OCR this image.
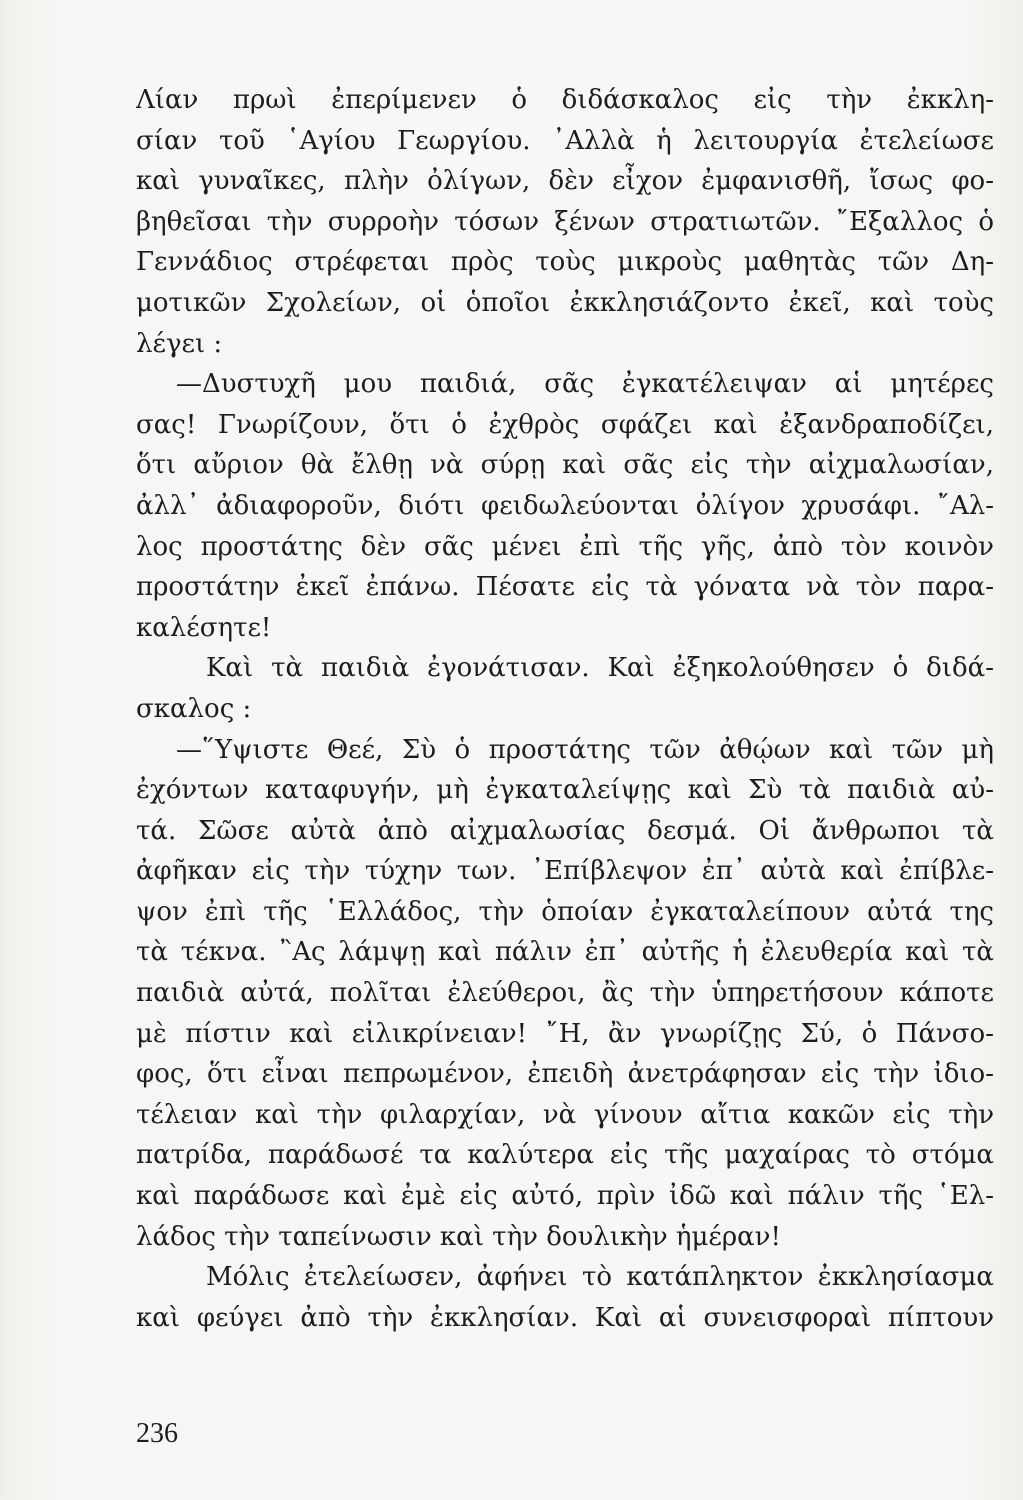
Λίαν πρωὶ ἐπερίμενεν ὁ διδάσκαλος εἰς τὴν ἐκκλη-
σίαν τοῦ ῾Αγίου Γεωργίου. ᾿Αλλὰ ἡ λειτουργία ἐτελείωσε
καὶ γυναῖκες, πλὴν ὀλίγων, δὲν εἶχον ἐμφανισθῆ, ἴσως φο-
βηθεῖσαι τὴν συρροὴν τόσων ξένων στρατιωτῶν. ῎Εξαλλος ὁ
Γεννάδιος στρέφεται πρὸς τοὺς μικροὺς μαθητὰς τῶν Δη-
μοτικῶν Σχολείων, οἱ ὁποῖοι ἐκκλησιάζοντο ἐκεῖ, καὶ τοὺς
λέγει :
—Δυστυχῆ μου παιδιά, σᾶς ἐγκατέλειψαν αἱ μητέρες
σας! Γνωρίζουν, ὅτι ὁ ἐχθρὸς σφάζει καὶ ἐξανδραποδίζει,
ὅτι αὔριον θὰ ἔλθῃ νὰ σύρῃ καὶ σᾶς εἰς τὴν αἰχμαλωσίαν,
ἀλλ᾿ ἀδιαφοροῦν, διότι φειδωλεύονται ὀλίγον χρυσάφι. ῎Αλ-
λος προστάτης δὲν σᾶς μένει ἐπὶ τῆς γῆς, ἀπὸ τὸν κοινὸν
προστάτην ἐκεῖ ἐπάνω. Πέσατε εἰς τὰ γόνατα νὰ τὸν παρα-
καλέσητε!
Καὶ τὰ παιδιὰ ἐγονάτισαν. Καὶ ἐξηκολούθησεν ὁ διδά-
σκαλος :
—῞Υψιστε Θεέ, Σὺ ὁ προστάτης τῶν ἀθῴων καὶ τῶν μὴ
ἐχόντων καταφυγήν, μὴ ἐγκαταλείψῃς καὶ Σὺ τὰ παιδιὰ αὐ-
τά. Σῶσε αὐτὰ ἀπὸ αἰχμαλωσίας δεσμά. Οἱ ἄνθρωποι τὰ
ἀφῆκαν εἰς τὴν τύχην των. ᾿Επίβλεψον ἐπ᾿ αὐτὰ καὶ ἐπίβλε-
ψον ἐπὶ τῆς ῾Ελλάδος, τὴν ὁποίαν ἐγκαταλείπουν αὐτά της
τὰ τέκνα. ῍Ας λάμψῃ καὶ πάλιν ἐπ᾿ αὐτῆς ἡ ἐλευθερία καὶ τὰ
παιδιὰ αὐτά, πολῖται ἐλεύθεροι, ἂς τὴν ὑπηρετήσουν κάποτε
μὲ πίστιν καὶ εἰλικρίνειαν! ῎Η, ἂν γνωρίζῃς Σύ, ὁ Πάνσο-
φος, ὅτι εἶναι πεπρωμένον, ἐπειδὴ ἀνετράφησαν εἰς τὴν ἰδιο-
τέλειαν καὶ τὴν φιλαρχίαν, νὰ γίνουν αἴτια κακῶν εἰς τὴν
πατρίδα, παράδωσέ τα καλύτερα εἰς τῆς μαχαίρας τὸ στόμα
καὶ παράδωσε καὶ ἐμὲ εἰς αὐτό, πρὶν ἰδῶ καὶ πάλιν τῆς ῾Ελ-
λάδος τὴν ταπείνωσιν καὶ τὴν δουλικὴν ἡμέραν!
Μόλις ἐτελείωσεν, ἀφήνει τὸ κατάπληκτον ἐκκλησίασμα
καὶ φεύγει ἀπὸ τὴν ἐκκλησίαν. Καὶ αἱ συνεισφοραὶ πίπτουν
236
